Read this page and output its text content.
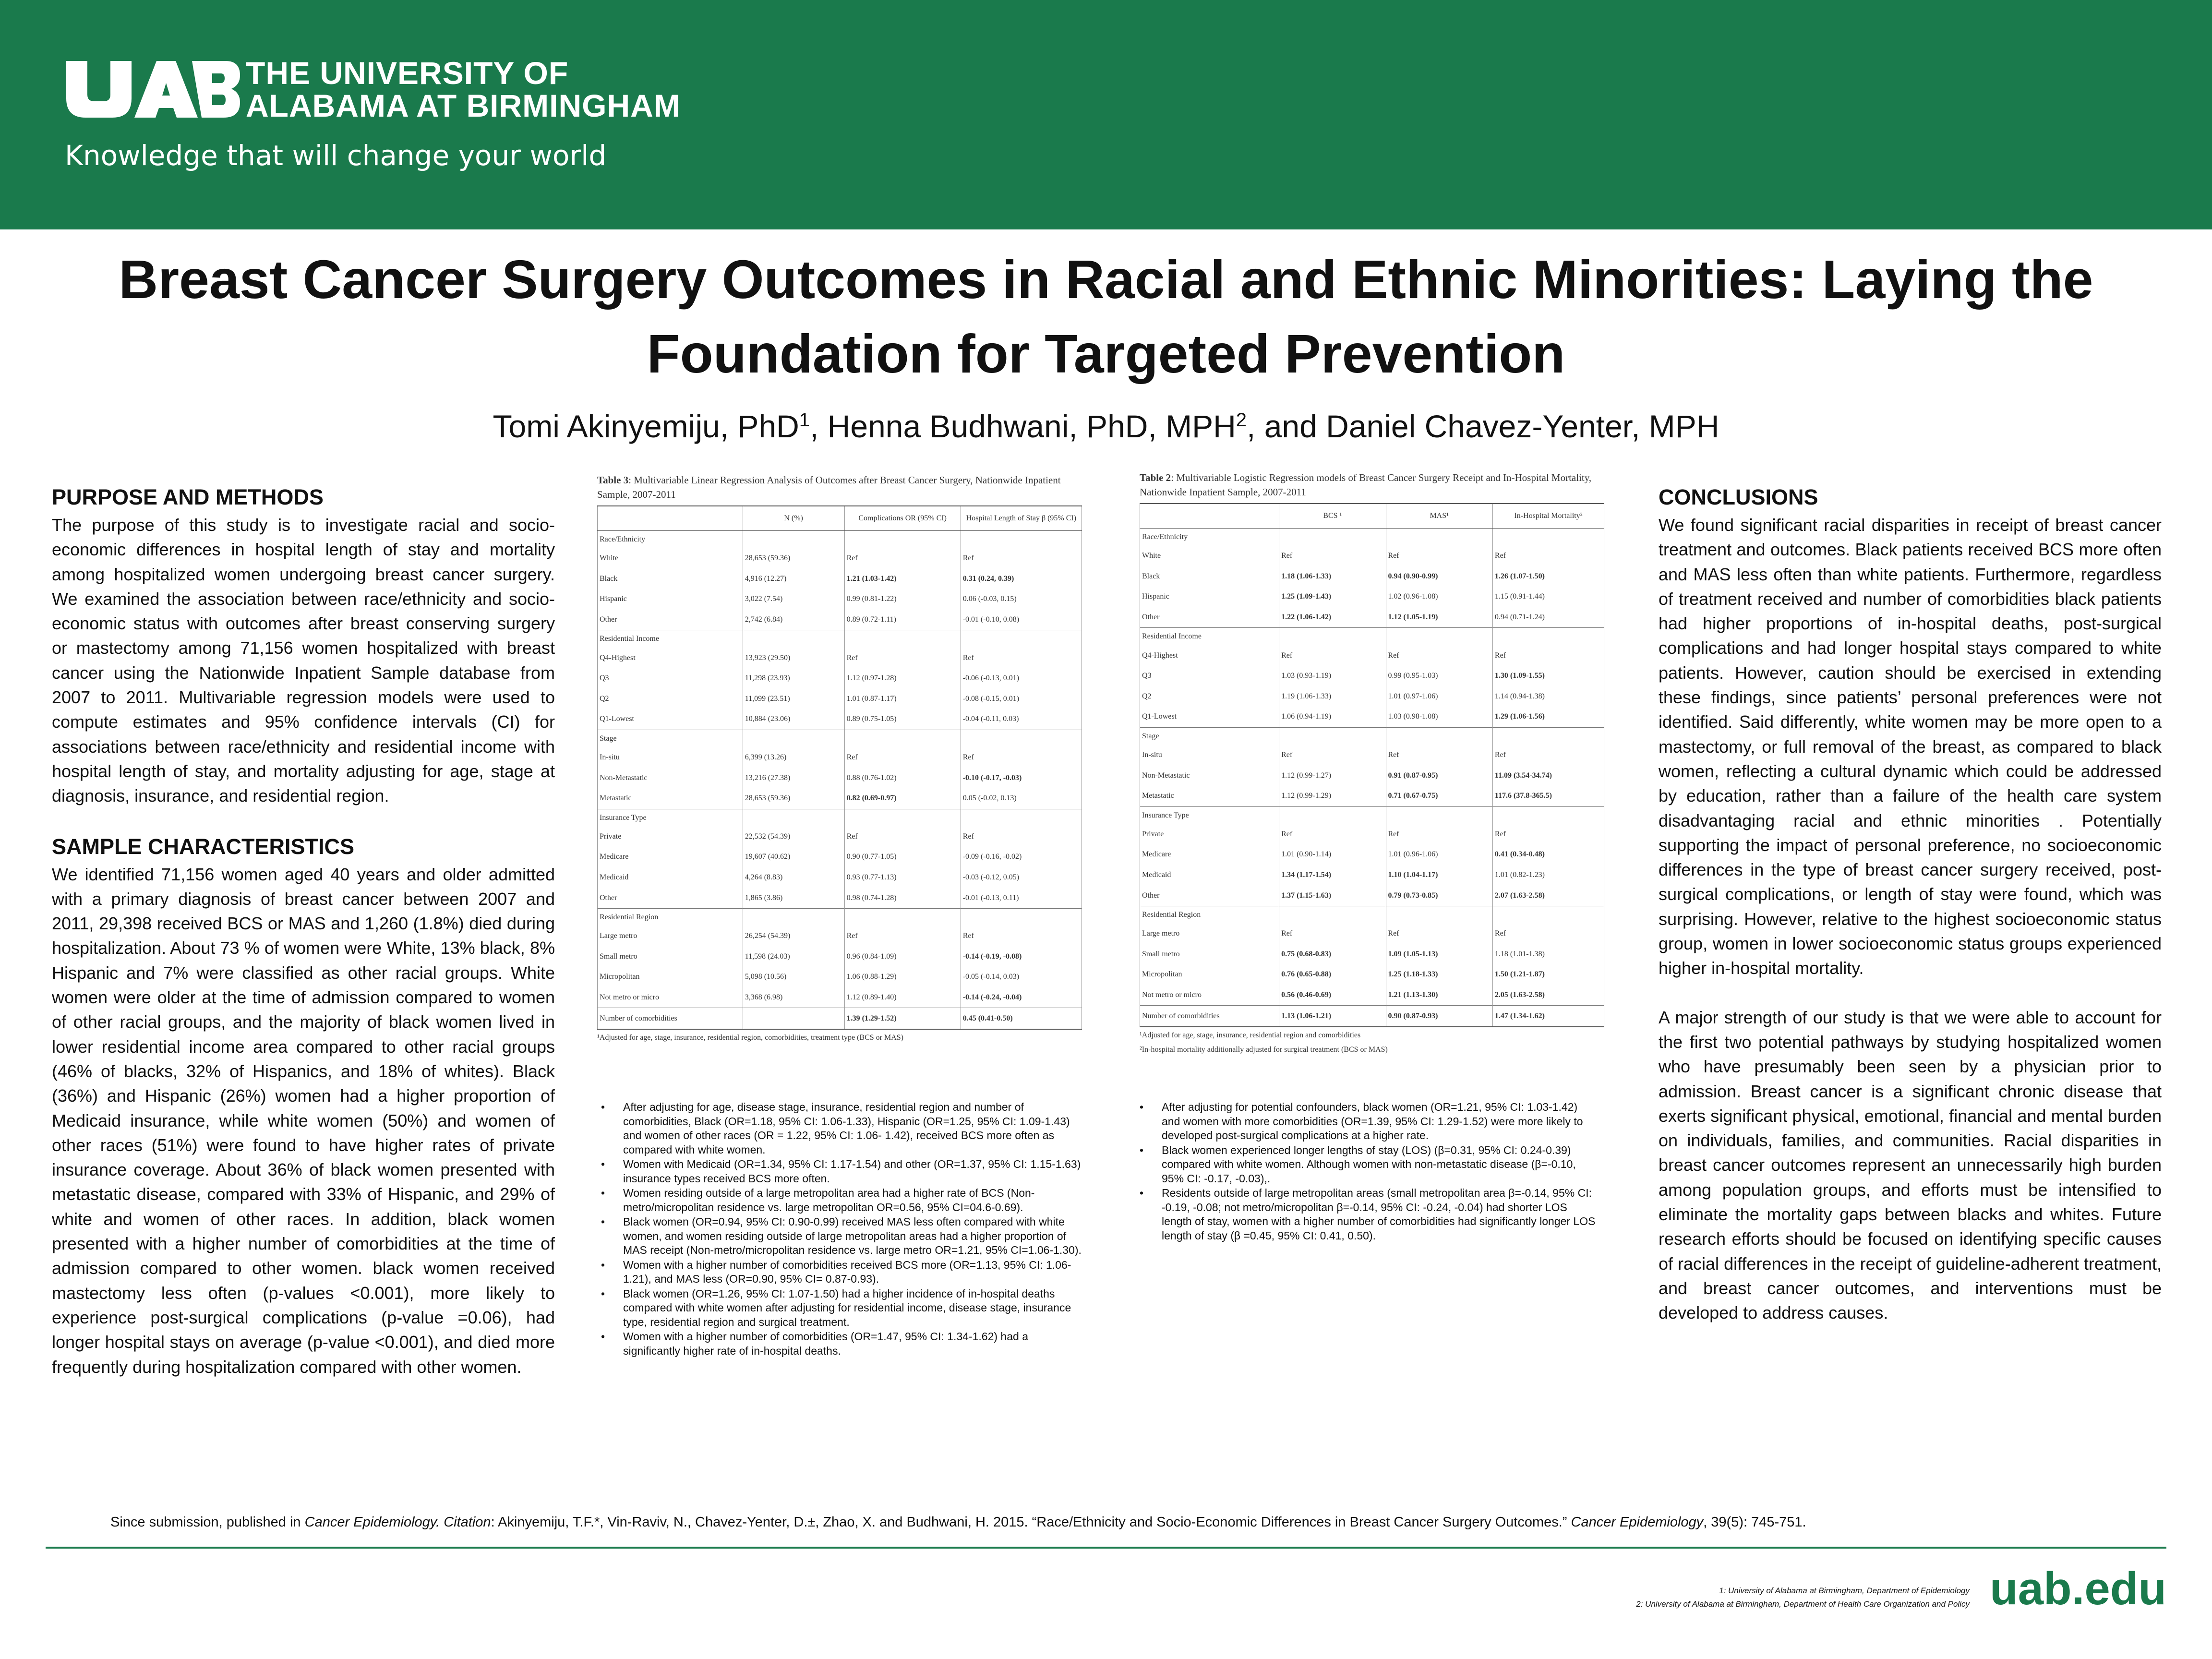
THE UNIVERSITY OF
ALABAMA AT BIRMINGHAM
Knowledge that will change your world
Breast Cancer Surgery Outcomes in Racial and Ethnic Minorities: Laying the Foundation for Targeted Prevention
Tomi Akinyemiju, PhD$^1$, Henna Budhwani, PhD, MPH$^2$, and Daniel Chavez-Yenter, MPH
PURPOSE AND METHODS

The purpose of this study is to investigate racial and socio-economic differences in hospital length of stay and mortality among hospitalized women undergoing breast cancer surgery. We examined the association between race/ethnicity and socio-economic status with outcomes after breast conserving surgery or mastectomy among 71,156 women hospitalized with breast cancer using the Nationwide Inpatient Sample database from 2007 to 2011. Multivariable regression models were used to compute estimates and 95% confidence intervals (CI) for associations between race/ethnicity and residential income with hospital length of stay, and mortality adjusting for age, stage at diagnosis, insurance, and residential region.

SAMPLE CHARACTERISTICS

We identified 71,156 women aged 40 years and older admitted with a primary diagnosis of breast cancer between 2007 and 2011, 29,398 received BCS or MAS and 1,260 (1.8%) died during hospitalization. About 73 % of women were White, 13% black, 8% Hispanic and 7% were classified as other racial groups. White women were older at the time of admission compared to women of other racial groups, and the majority of black women lived in lower residential income area compared to other racial groups (46% of blacks, 32% of Hispanics, and 18% of whites). Black (36%) and Hispanic (26%) women had a higher proportion of Medicaid insurance, while white women (50%) and women of other races (51%) were found to have higher rates of private insurance coverage. About 36% of black women presented with metastatic disease, compared with 33% of Hispanic, and 29% of white and women of other races. In addition, black women presented with a higher number of comorbidities at the time of admission compared to other women. black women received mastectomy less often (p-values <0.001), more likely to experience post-surgical complications (p-value =0.06), had longer hospital stays on average (p-value <0.001), and died more frequently during hospitalization compared with other women.

Table 3: Multivariable Linear Regression Analysis of Outcomes after Breast Cancer Surgery, Nationwide Inpatient Sample, 2007-2011
	N (%)	Complications OR (95% CI)	Hospital Length of Stay β (95% CI)
Race/Ethnicity			
White	28,653 (59.36)	Ref	Ref
Black	4,916 (12.27)	1.21 (1.03-1.42)	0.31 (0.24, 0.39)
Hispanic	3,022 (7.54)	0.99 (0.81-1.22)	0.06 (-0.03, 0.15)
Other	2,742 (6.84)	0.89 (0.72-1.11)	-0.01 (-0.10, 0.08)
Residential Income			
Q4-Highest	13,923 (29.50)	Ref	Ref
Q3	11,298 (23.93)	1.12 (0.97-1.28)	-0.06 (-0.13, 0.01)
Q2	11,099 (23.51)	1.01 (0.87-1.17)	-0.08 (-0.15, 0.01)
Q1-Lowest	10,884 (23.06)	0.89 (0.75-1.05)	-0.04 (-0.11, 0.03)
Stage			
In-situ	6,399 (13.26)	Ref	Ref
Non-Metastatic	13,216 (27.38)	0.88 (0.76-1.02)	-0.10 (-0.17, -0.03)
Metastatic	28,653 (59.36)	0.82 (0.69-0.97)	0.05 (-0.02, 0.13)
Insurance Type			
Private	22,532 (54.39)	Ref	Ref
Medicare	19,607 (40.62)	0.90 (0.77-1.05)	-0.09 (-0.16, -0.02)
Medicaid	4,264 (8.83)	0.93 (0.77-1.13)	-0.03 (-0.12, 0.05)
Other	1,865 (3.86)	0.98 (0.74-1.28)	-0.01 (-0.13, 0.11)
Residential Region			
Large metro	26,254 (54.39)	Ref	Ref
Small metro	11,598 (24.03)	0.96 (0.84-1.09)	-0.14 (-0.19, -0.08)
Micropolitan	5,098 (10.56)	1.06 (0.88-1.29)	-0.05 (-0.14, 0.03)
Not metro or micro	3,368 (6.98)	1.12 (0.89-1.40)	-0.14 (-0.24, -0.04)
Number of comorbidities		1.39 (1.29-1.52)	0.45 (0.41-0.50)
¹Adjusted for age, stage, insurance, residential region, comorbidities, treatment type (BCS or MAS)
Table 2: Multivariable Logistic Regression models of Breast Cancer Surgery Receipt and In-Hospital Mortality, Nationwide Inpatient Sample, 2007-2011
	BCS ¹	MAS¹	In-Hospital Mortality²
Race/Ethnicity			
White	Ref	Ref	Ref
Black	1.18 (1.06-1.33)	0.94 (0.90-0.99)	1.26 (1.07-1.50)
Hispanic	1.25 (1.09-1.43)	1.02 (0.96-1.08)	1.15 (0.91-1.44)
Other	1.22 (1.06-1.42)	1.12 (1.05-1.19)	0.94 (0.71-1.24)
Residential Income			
Q4-Highest	Ref	Ref	Ref
Q3	1.03 (0.93-1.19)	0.99 (0.95-1.03)	1.30 (1.09-1.55)
Q2	1.19 (1.06-1.33)	1.01 (0.97-1.06)	1.14 (0.94-1.38)
Q1-Lowest	1.06 (0.94-1.19)	1.03 (0.98-1.08)	1.29 (1.06-1.56)
Stage			
In-situ	Ref	Ref	Ref
Non-Metastatic	1.12 (0.99-1.27)	0.91 (0.87-0.95)	11.09 (3.54-34.74)
Metastatic	1.12 (0.99-1.29)	0.71 (0.67-0.75)	117.6 (37.8-365.5)
Insurance Type			
Private	Ref	Ref	Ref
Medicare	1.01 (0.90-1.14)	1.01 (0.96-1.06)	0.41 (0.34-0.48)
Medicaid	1.34 (1.17-1.54)	1.10 (1.04-1.17)	1.01 (0.82-1.23)
Other	1.37 (1.15-1.63)	0.79 (0.73-0.85)	2.07 (1.63-2.58)
Residential Region			
Large metro	Ref	Ref	Ref
Small metro	0.75 (0.68-0.83)	1.09 (1.05-1.13)	1.18 (1.01-1.38)
Micropolitan	0.76 (0.65-0.88)	1.25 (1.18-1.33)	1.50 (1.21-1.87)
Not metro or micro	0.56 (0.46-0.69)	1.21 (1.13-1.30)	2.05 (1.63-2.58)
Number of comorbidities	1.13 (1.06-1.21)	0.90 (0.87-0.93)	1.47 (1.34-1.62)
¹Adjusted for age, stage, insurance, residential region and comorbidities
²In-hospital mortality additionally adjusted for surgical treatment (BCS or MAS)
• After adjusting for age, disease stage, insurance, residential region and number of comorbidities, Black (OR=1.18, 95% CI: 1.06-1.33), Hispanic (OR=1.25, 95% CI: 1.09-1.43) and women of other races (OR = 1.22, 95% CI: 1.06- 1.42), received BCS more often as compared with white women.
• Women with Medicaid (OR=1.34, 95% CI: 1.17-1.54) and other (OR=1.37, 95% CI: 1.15-1.63) insurance types received BCS more often.
• Women residing outside of a large metropolitan area had a higher rate of BCS (Non-metro/micropolitan residence vs. large metropolitan OR=0.56, 95% CI=04.6-0.69).
• Black women (OR=0.94, 95% CI: 0.90-0.99) received MAS less often compared with white women, and women residing outside of large metropolitan areas had a higher proportion of MAS receipt (Non-metro/micropolitan residence vs. large metro OR=1.21, 95% CI=1.06-1.30).
• Women with a higher number of comorbidities received BCS more (OR=1.13, 95% CI: 1.06-1.21), and MAS less (OR=0.90, 95% CI= 0.87-0.93).
• Black women (OR=1.26, 95% CI: 1.07-1.50) had a higher incidence of in-hospital deaths compared with white women after adjusting for residential income, disease stage, insurance type, residential region and surgical treatment.
• Women with a higher number of comorbidities (OR=1.47, 95% CI: 1.34-1.62) had a significantly higher rate of in-hospital deaths.
• After adjusting for potential confounders, black women (OR=1.21, 95% CI: 1.03-1.42) and women with more comorbidities (OR=1.39, 95% CI: 1.29-1.52) were more likely to developed post-surgical complications at a higher rate.
• Black women experienced longer lengths of stay (LOS) (β=0.31, 95% CI: 0.24-0.39) compared with white women. Although women with non-metastatic disease (β=-0.10, 95% CI: -0.17, -0.03),.
• Residents outside of large metropolitan areas (small metropolitan area β=-0.14, 95% CI: -0.19, -0.08; not metro/micropolitan β=-0.14, 95% CI: -0.24, -0.04) had shorter LOS length of stay, women with a higher number of comorbidities had significantly longer LOS length of stay (β =0.45, 95% CI: 0.41, 0.50).
CONCLUSIONS

We found significant racial disparities in receipt of breast cancer treatment and outcomes. Black patients received BCS more often and MAS less often than white patients. Furthermore, regardless of treatment received and number of comorbidities black patients had higher proportions of in-hospital deaths, post-surgical complications and had longer hospital stays compared to white patients. However, caution should be exercised in extending these findings, since patients’ personal preferences were not identified. Said differently, white women may be more open to a mastectomy, or full removal of the breast, as compared to black women, reflecting a cultural dynamic which could be addressed by education, rather than a failure of the health care system disadvantaging racial and ethnic minorities . Potentially supporting the impact of personal preference, no socioeconomic differences in the type of breast cancer surgery received, post-surgical complications, or length of stay were found, which was surprising. However, relative to the highest socioeconomic status group, women in lower socioeconomic status groups experienced higher in-hospital mortality.

A major strength of our study is that we were able to account for the first two potential pathways by studying hospitalized women who have presumably been seen by a physician prior to admission. Breast cancer is a significant chronic disease that exerts significant physical, emotional, financial and mental burden on individuals, families, and communities. Racial disparities in breast cancer outcomes represent an unnecessarily high burden among population groups, and efforts must be intensified to eliminate the mortality gaps between blacks and whites. Future research efforts should be focused on identifying specific causes of racial differences in the receipt of guideline-adherent treatment, and breast cancer outcomes, and interventions must be developed to address causes.

Since submission, published in Cancer Epidemiology. Citation: Akinyemiju, T.F.*, Vin-Raviv, N., Chavez-Yenter, D.±, Zhao, X. and Budhwani, H. 2015. “Race/Ethnicity and Socio-Economic Differences in Breast Cancer Surgery Outcomes.” Cancer Epidemiology, 39(5): 745-751.
1: University of Alabama at Birmingham, Department of Epidemiology
2: University of Alabama at Birmingham, Department of Health Care Organization and Policy uab.edu
